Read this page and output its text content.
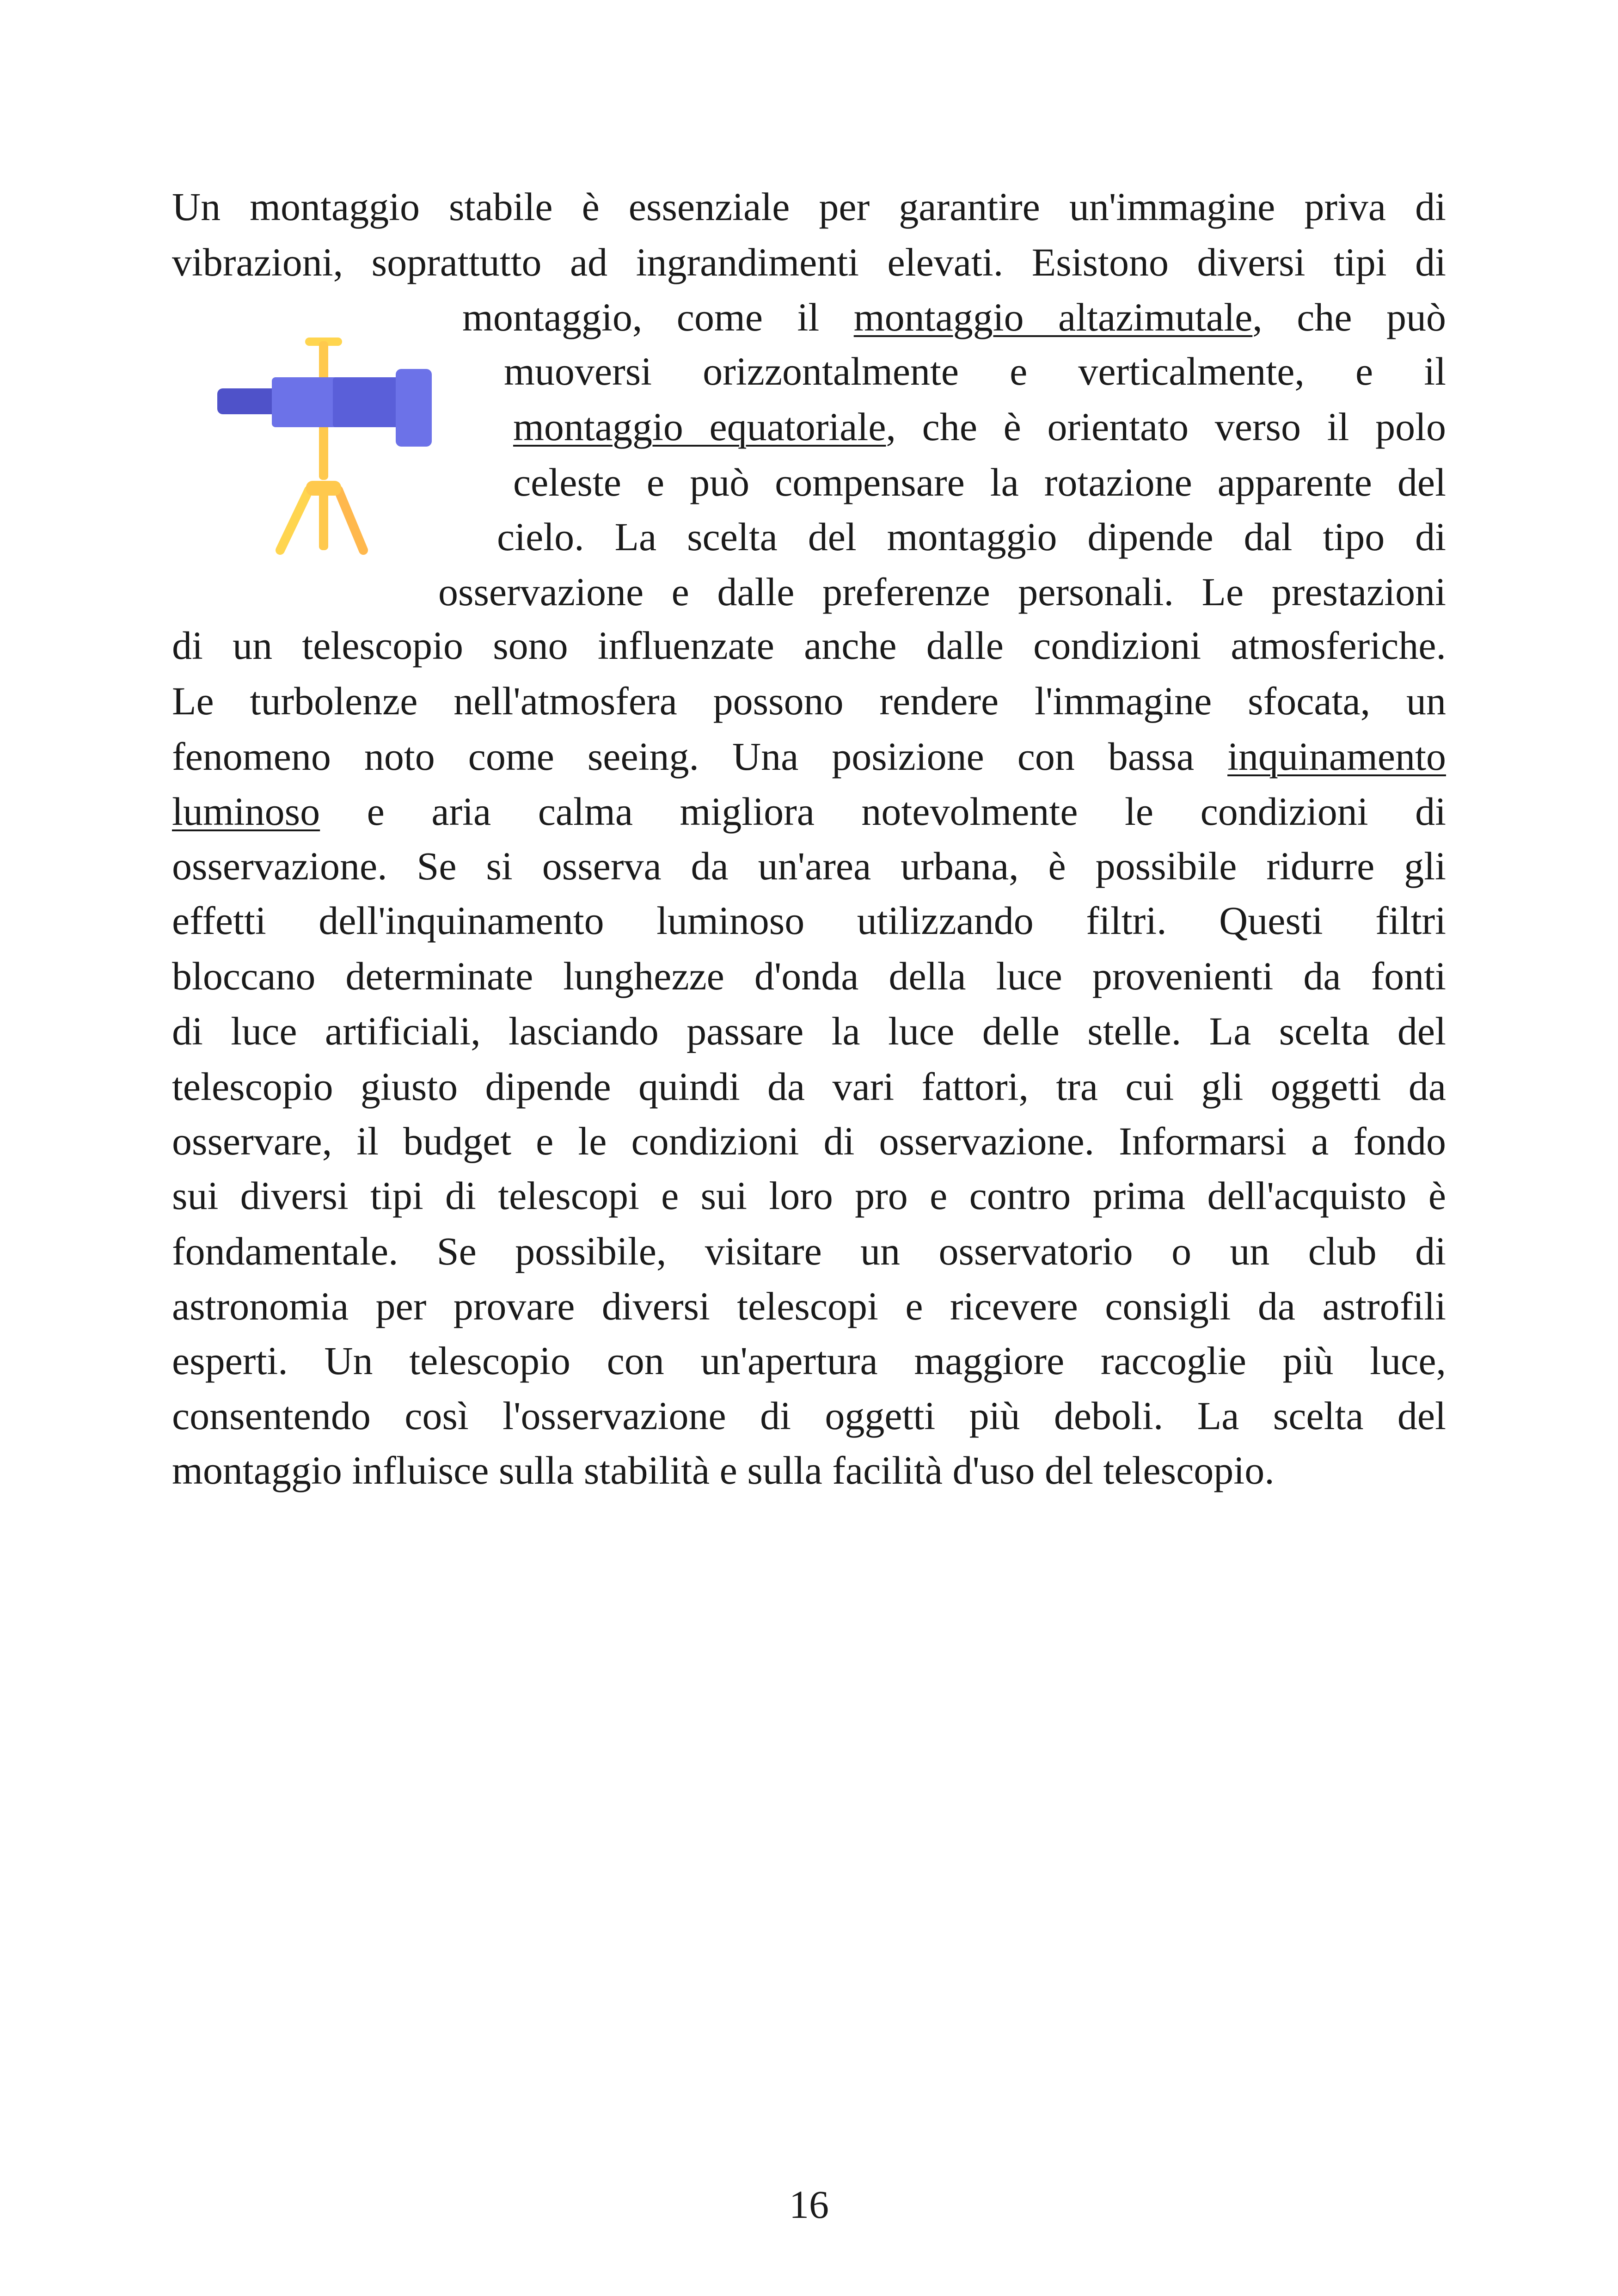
Un montaggio stabile è essenziale per garantire un'immagine priva di
vibrazioni, soprattutto ad ingrandimenti elevati. Esistono diversi tipi di
montaggio, come il montaggio altazimutale, che può
muoversi orizzontalmente e verticalmente, e il
montaggio equatoriale, che è orientato verso il polo
celeste e può compensare la rotazione apparente del
cielo. La scelta del montaggio dipende dal tipo di
osservazione e dalle preferenze personali. Le prestazioni
di un telescopio sono influenzate anche dalle condizioni atmosferiche.
Le turbolenze nell'atmosfera possono rendere l'immagine sfocata, un
fenomeno noto come seeing. Una posizione con bassa inquinamento
luminoso e aria calma migliora notevolmente le condizioni di
osservazione. Se si osserva da un'area urbana, è possibile ridurre gli
effetti dell'inquinamento luminoso utilizzando filtri. Questi filtri
bloccano determinate lunghezze d'onda della luce provenienti da fonti
di luce artificiali, lasciando passare la luce delle stelle. La scelta del
telescopio giusto dipende quindi da vari fattori, tra cui gli oggetti da
osservare, il budget e le condizioni di osservazione. Informarsi a fondo
sui diversi tipi di telescopi e sui loro pro e contro prima dell'acquisto è
fondamentale. Se possibile, visitare un osservatorio o un club di
astronomia per provare diversi telescopi e ricevere consigli da astrofili
esperti. Un telescopio con un'apertura maggiore raccoglie più luce,
consentendo così l'osservazione di oggetti più deboli. La scelta del
montaggio influisce sulla stabilità e sulla facilità d'uso del telescopio.
16
